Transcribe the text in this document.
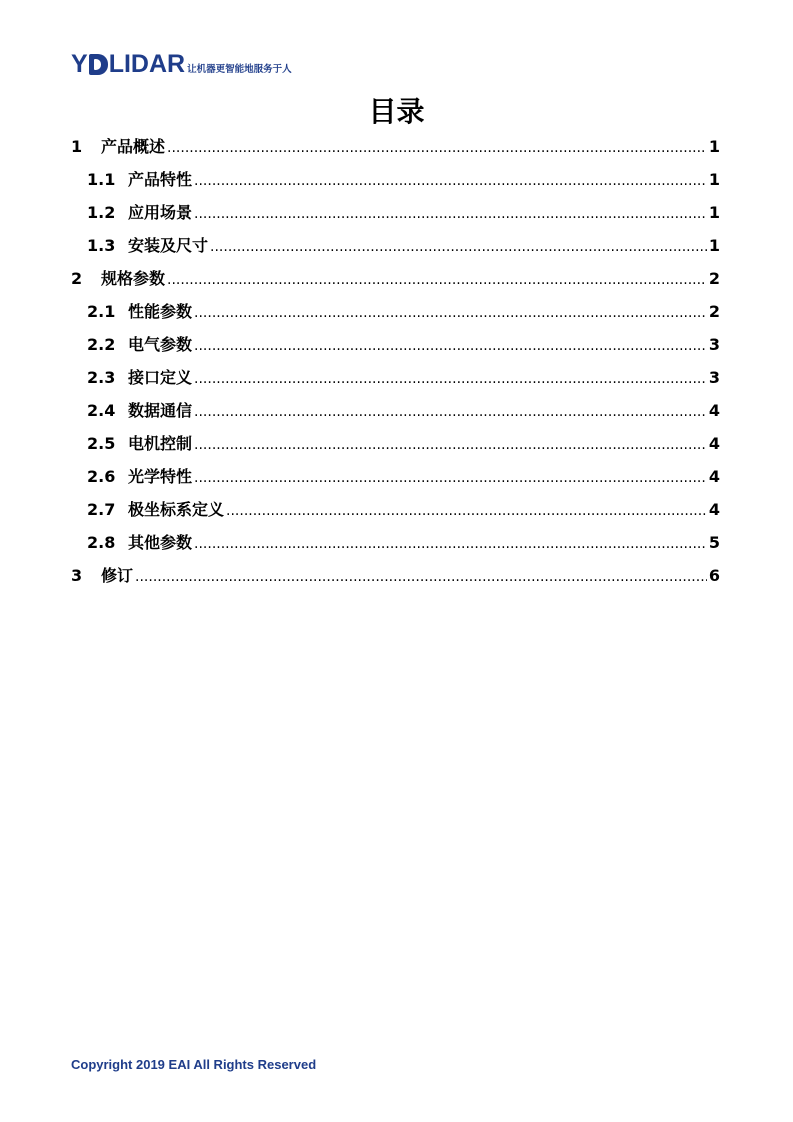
Y LIDAR 让机器更智能地服务于人
目录
1	产品概述 .....	1
1.1 产品特性 .....	1
1.2 应用场景 .....	1
1.3 安装及尺寸 .....	1
2	规格参数 .....	2
2.1 性能参数 .....	2
2.2 电气参数 .....	3
2.3 接口定义 .....	3
2.4 数据通信 .....	4
2.5 电机控制 .....	4
2.6 光学特性 .....	4
2.7 极坐标系定义 .....	4
2.8 其他参数 .....	5
3	修订 .....	6
Copyright 2019 EAI All Rights Reserved
